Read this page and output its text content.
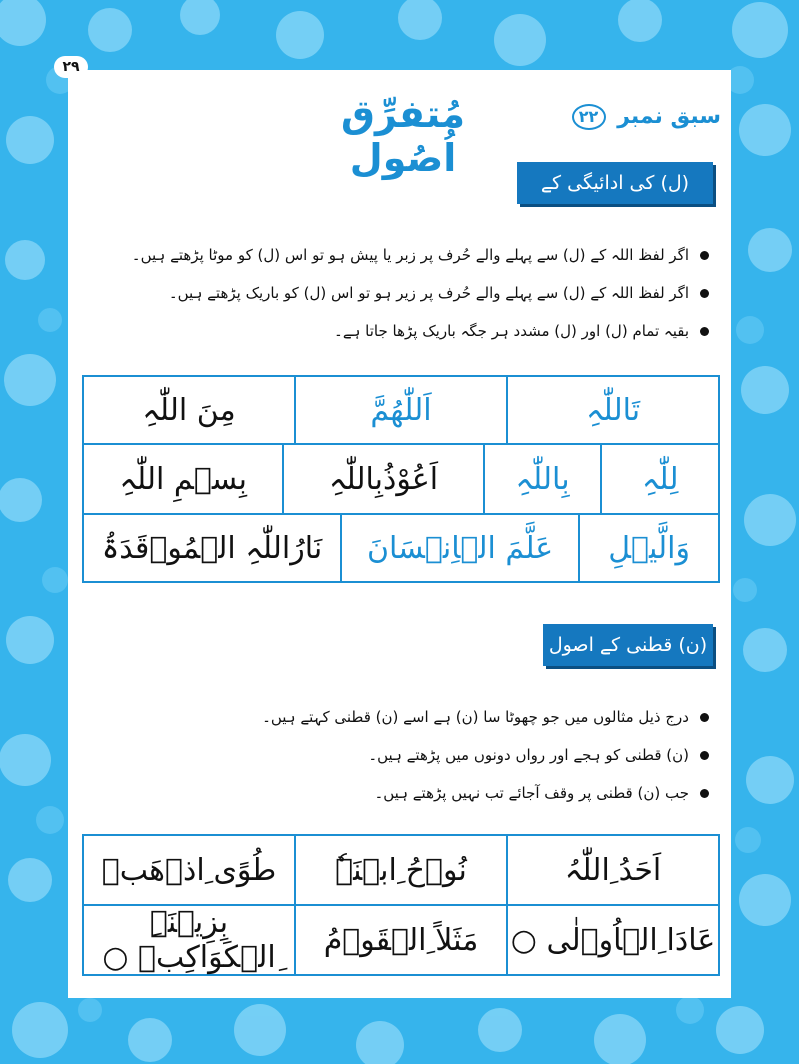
۲۹
مُتفرِّق اُصُول
سبق نمبر ۲۲
(ل) کی ادائیگی کے اصول
اگر لفظ اللہ کے (ل) سے پہلے والے حُرف پر زبر یا پیش ہو تو اس (ل) کو موٹا پڑھتے ہیں۔
اگر لفظ اللہ کے (ل) سے پہلے والے حُرف پر زیر ہو تو اس (ل) کو باریک پڑھتے ہیں۔
بقیہ تمام (ل) اور (ل) مشدد ہر جگہ باریک پڑھا جاتا ہے۔
تَاللّٰہِ
اَللّٰھُمَّ
مِنَ اللّٰہِ
لِلّٰہِ
بِاللّٰہِ
اَعُوْذُبِاللّٰہِ
بِسۡمِ اللّٰہِ
وَالَّیۡلِ
عَلَّمَ الۡاِنۡسَانَ
نَارُاللّٰہِ الۡمُوۡقَدَۃُ
(ن) قطنی کے اصول
درج ذیل مثالوں میں جو چھوٹا سا (ن) ہے اسے (ن) قطنی کہتے ہیں۔
(ن) قطنی کو ہجے اور رواں دونوں میں پڑھتے ہیں۔
جب (ن) قطنی پر وقف آجائے تب نہیں پڑھتے ہیں۔
اَحَدُ ِاللّٰہُ
نُوۡحُ ِابۡنَہٗ
طُوًی ِاذۡھَبۡ
عَادَا ِالۡاُوۡلٰی ○
مَثَلاً ِالۡقَوۡمُ
بِزِیۡنَۃِ ِالۡکَوَاکِبۡ ○
